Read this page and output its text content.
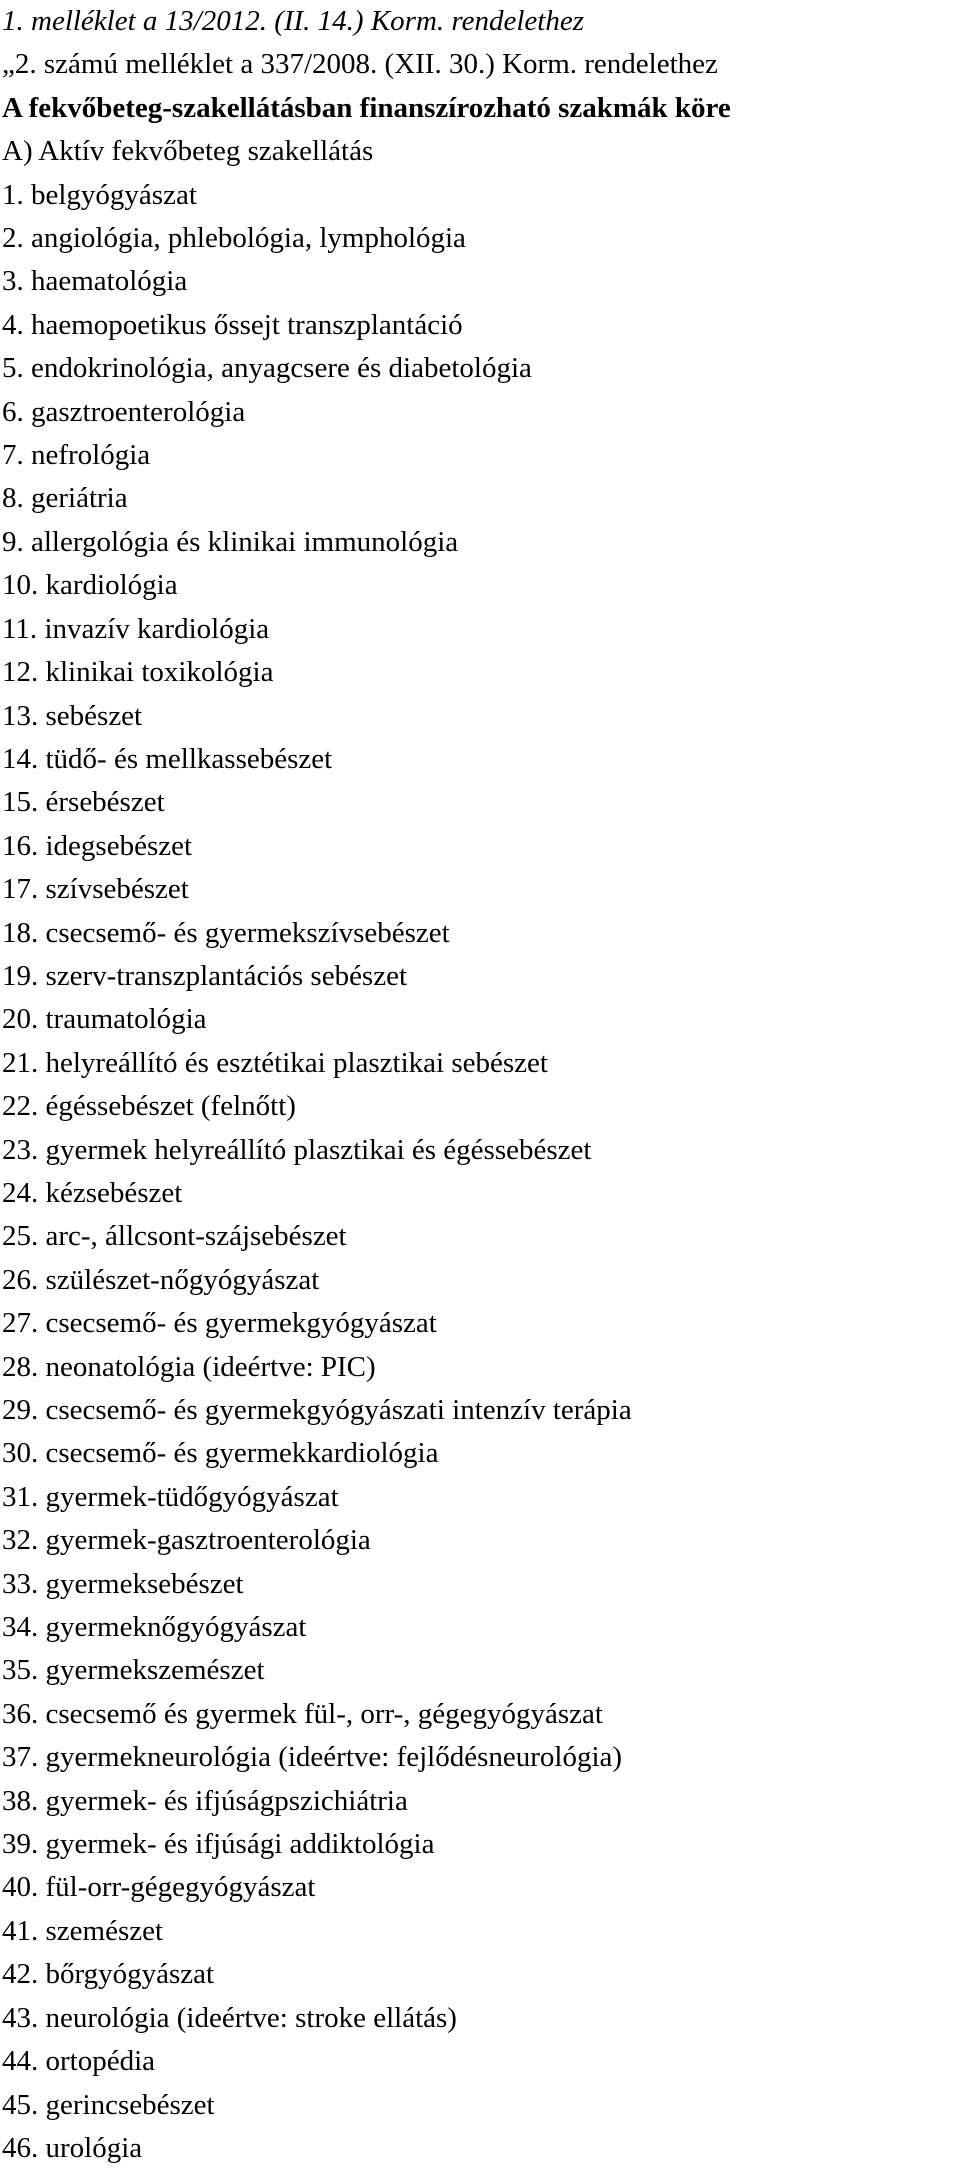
1. melléklet a 13/2012. (II. 14.) Korm. rendelethez
„2. számú melléklet a 337/2008. (XII. 30.) Korm. rendelethez
A fekvőbeteg-szakellátásban finanszírozható szakmák köre
A) Aktív fekvőbeteg szakellátás
1. belgyógyászat
2. angiológia, phlebológia, lymphológia
3. haematológia
4. haemopoetikus őssejt transzplantáció
5. endokrinológia, anyagcsere és diabetológia
6. gasztroenterológia
7. nefrológia
8. geriátria
9. allergológia és klinikai immunológia
10. kardiológia
11. invazív kardiológia
12. klinikai toxikológia
13. sebészet
14. tüdő- és mellkassebészet
15. érsebészet
16. idegsebészet
17. szívsebészet
18. csecsemő- és gyermekszívsebészet
19. szerv-transzplantációs sebészet
20. traumatológia
21. helyreállító és esztétikai plasztikai sebészet
22. égéssebészet (felnőtt)
23. gyermek helyreállító plasztikai és égéssebészet
24. kézsebészet
25. arc-, állcsont-szájsebészet
26. szülészet-nőgyógyászat
27. csecsemő- és gyermekgyógyászat
28. neonatológia (ideértve: PIC)
29. csecsemő- és gyermekgyógyászati intenzív terápia
30. csecsemő- és gyermekkardiológia
31. gyermek-tüdőgyógyászat
32. gyermek-gasztroenterológia
33. gyermeksebészet
34. gyermeknőgyógyászat
35. gyermekszemészet
36. csecsemő és gyermek fül-, orr-, gégegyógyászat
37. gyermekneurológia (ideértve: fejlődésneurológia)
38. gyermek- és ifjúságpszichiátria
39. gyermek- és ifjúsági addiktológia
40. fül-orr-gégegyógyászat
41. szemészet
42. bőrgyógyászat
43. neurológia (ideértve: stroke ellátás)
44. ortopédia
45. gerincsebészet
46. urológia
